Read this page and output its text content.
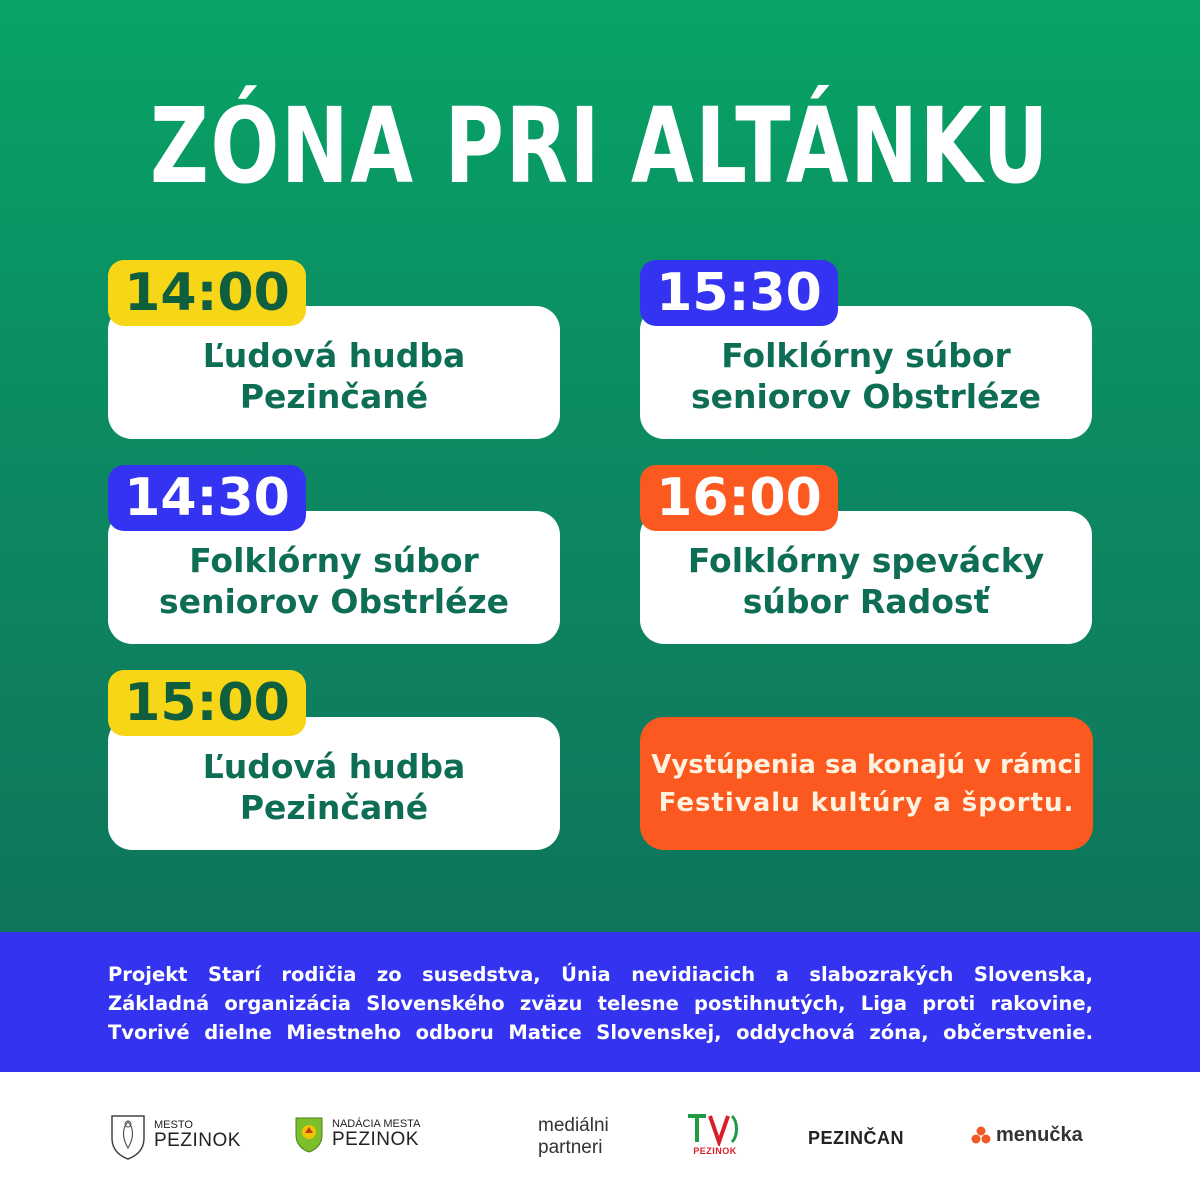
ZÓNA PRI ALTÁNKU
Ľudová hudba
Pezinčané
14:00
Folklórny súbor
seniorov Obstrléze
15:30
Folklórny súbor
seniorov Obstrléze
14:30
Folklórny spevácky
súbor Radosť
16:00
Ľudová hudba
Pezinčané
15:00
Vystúpenia sa konajú v rámci
Festivalu kultúry a športu.

Projekt Starí rodičia zo susedstva, Únia nevidiacich a slabozrakých Slovenska,

Základná organizácia Slovenského zväzu telesne postihnutých, Liga proti rakovine,

Tvorivé dielne Miestneho odboru Matice Slovenskej, oddychová zóna, občerstvenie.

MESTO
PEZINOK
NADÁCIA MESTA
PEZINOK
mediálni
partneri	PEZINOK
PEZINČAN	menučka
